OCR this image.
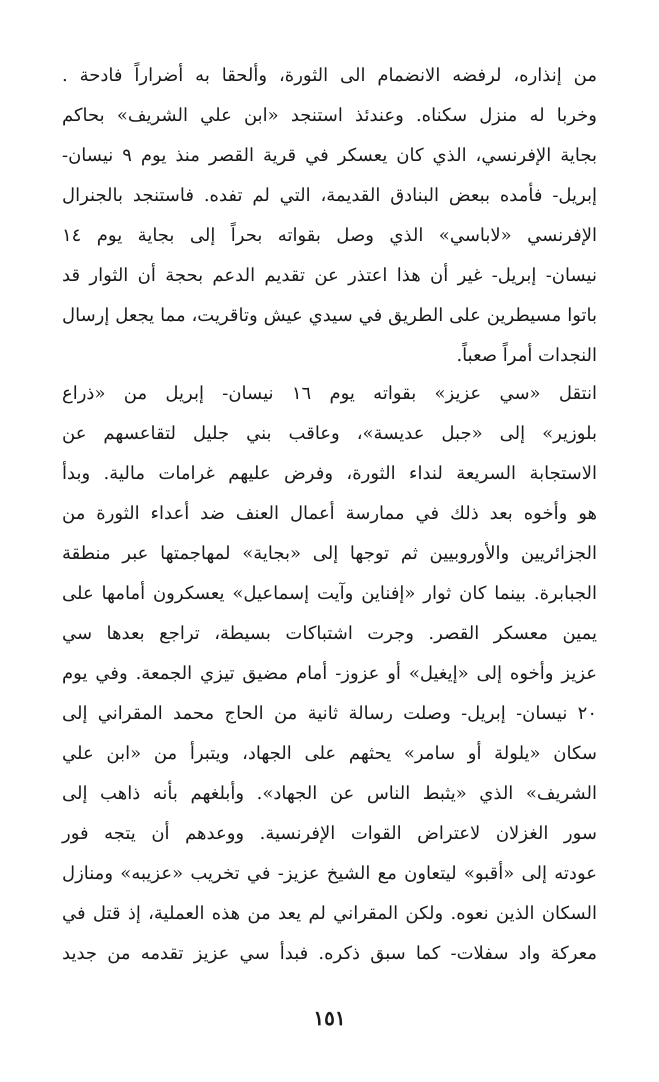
من إنذاره، لرفضه الانضمام الى الثورة، وألحقا به أضراراً فادحة .
وخربا له منزل سكناه. وعندئذ استنجد «ابن علي الشريف» بحاكم
بجاية الإفرنسي، الذي كان يعسكر في قرية القصر منذ يوم ٩ نيسان-
إبريل- فأمده ببعض البنادق القديمة، التي لم تفده. فاستنجد بالجنرال
الإفرنسي «لاباسي» الذي وصل بقواته بحراً إلى بجاية يوم ١٤
نيسان- إبريل- غير أن هذا اعتذر عن تقديم الدعم بحجة أن الثوار قد
باتوا مسيطرين على الطريق في سيدي عيش وتاقريت، مما يجعل إرسال
النجدات أمراً صعباً.
انتقل «سي عزيز» بقواته يوم ١٦ نيسان- إبريل من «ذراع
بلوزير» إلى «جبل عديسة»، وعاقب بني جليل لتقاعسهم عن
الاستجابة السريعة لنداء الثورة، وفرض عليهم غرامات مالية. وبدأ
هو وأخوه بعد ذلك في ممارسة أعمال العنف ضد أعداء الثورة من
الجزائريين والأوروبيين ثم توجها إلى «بجاية» لمهاجمتها عبر منطقة
الجبابرة. بينما كان ثوار «إفناين وآيت إسماعيل» يعسكرون أمامها على
يمين معسكر القصر. وجرت اشتباكات بسيطة، تراجع بعدها سي
عزيز وأخوه إلى «إيغيل» أو عزوز- أمام مضيق تيزي الجمعة. وفي يوم
٢٠ نيسان- إبريل- وصلت رسالة ثانية من الحاج محمد المقراني إلى
سكان «يلولة أو سامر» يحثهم على الجهاد، ويتبرأ من «ابن علي
الشريف» الذي «يثبط الناس عن الجهاد». وأبلغهم بأنه ذاهب إلى
سور الغزلان لاعتراض القوات الإفرنسية. ووعدهم أن يتجه فور
عودته إلى «أقبو» ليتعاون مع الشيخ عزيز- في تخريب «عزيبه» ومنازل
السكان الذين نعوه. ولكن المقراني لم يعد من هذه العملية، إذ قتل في
معركة واد سفلات- كما سبق ذكره. فبدأ سي عزيز تقدمه من جديد
١٥١
